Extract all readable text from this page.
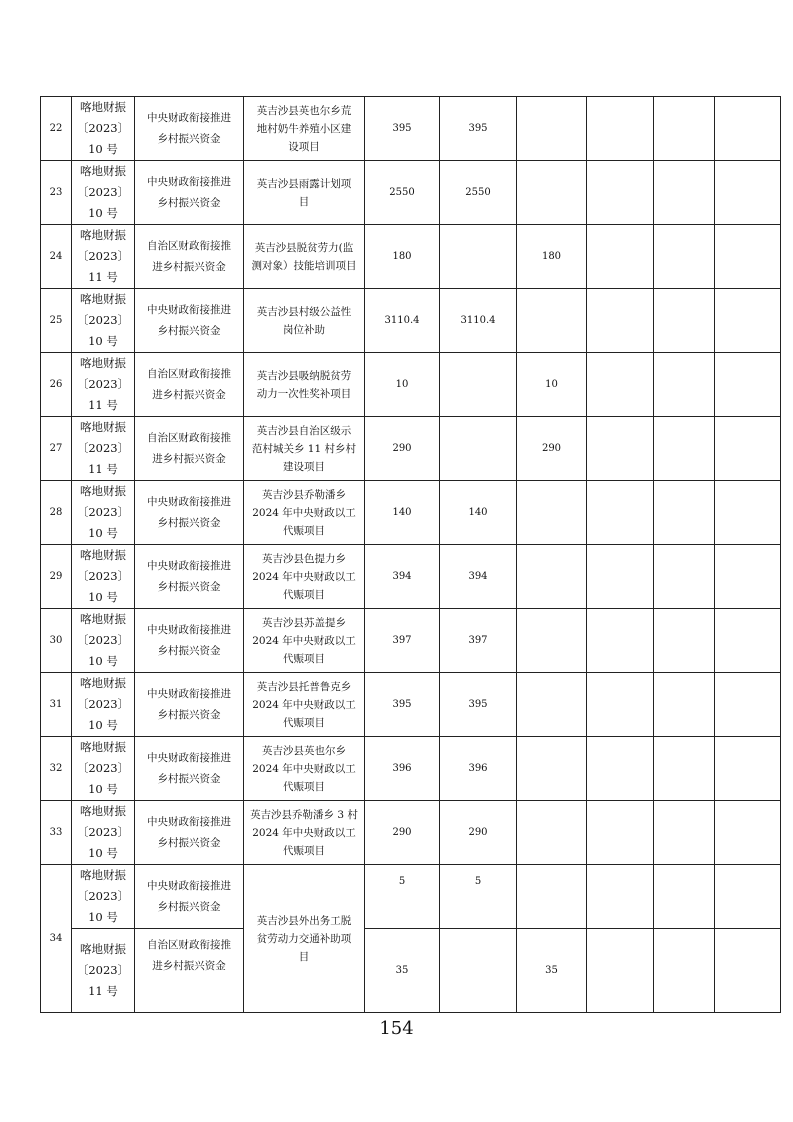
22	喀地财振
〔2023〕
10 号	中央财政衔接推进
乡村振兴资金	英吉沙县英也尔乡荒
地村奶牛养殖小区建
设项目	395	395				
23	喀地财振
〔2023〕
10 号	中央财政衔接推进
乡村振兴资金	英吉沙县雨露计划项
目	2550	2550				
24	喀地财振
〔2023〕
11 号	自治区财政衔接推
进乡村振兴资金	英吉沙县脱贫劳力(监
测对象）技能培训项目	180		180			
25	喀地财振
〔2023〕
10 号	中央财政衔接推进
乡村振兴资金	英吉沙县村级公益性
岗位补助	3110.4	3110.4				
26	喀地财振
〔2023〕
11 号	自治区财政衔接推
进乡村振兴资金	英吉沙县吸纳脱贫劳
动力一次性奖补项目	10		10			
27	喀地财振
〔2023〕
11 号	自治区财政衔接推
进乡村振兴资金	英吉沙县自治区级示
范村城关乡 11 村乡村
建设项目	290		290			
28	喀地财振
〔2023〕
10 号	中央财政衔接推进
乡村振兴资金	英吉沙县乔勒潘乡
2024 年中央财政以工
代赈项目	140	140				
29	喀地财振
〔2023〕
10 号	中央财政衔接推进
乡村振兴资金	英吉沙县色提力乡
2024 年中央财政以工
代赈项目	394	394				
30	喀地财振
〔2023〕
10 号	中央财政衔接推进
乡村振兴资金	英吉沙县苏盖提乡
2024 年中央财政以工
代赈项目	397	397				
31	喀地财振
〔2023〕
10 号	中央财政衔接推进
乡村振兴资金	英吉沙县托普鲁克乡
2024 年中央财政以工
代赈项目	395	395				
32	喀地财振
〔2023〕
10 号	中央财政衔接推进
乡村振兴资金	英吉沙县英也尔乡
2024 年中央财政以工
代赈项目	396	396				
33	喀地财振
〔2023〕
10 号	中央财政衔接推进
乡村振兴资金	英吉沙县乔勒潘乡 3 村
2024 年中央财政以工
代赈项目	290	290				
34	喀地财振
〔2023〕
10 号	中央财政衔接推进
乡村振兴资金	英吉沙县外出务工脱
贫劳动力交通补助项
目	5	5				
	喀地财振
〔2023〕
11 号	自治区财政衔接推
进乡村振兴资金		35		35			
154
